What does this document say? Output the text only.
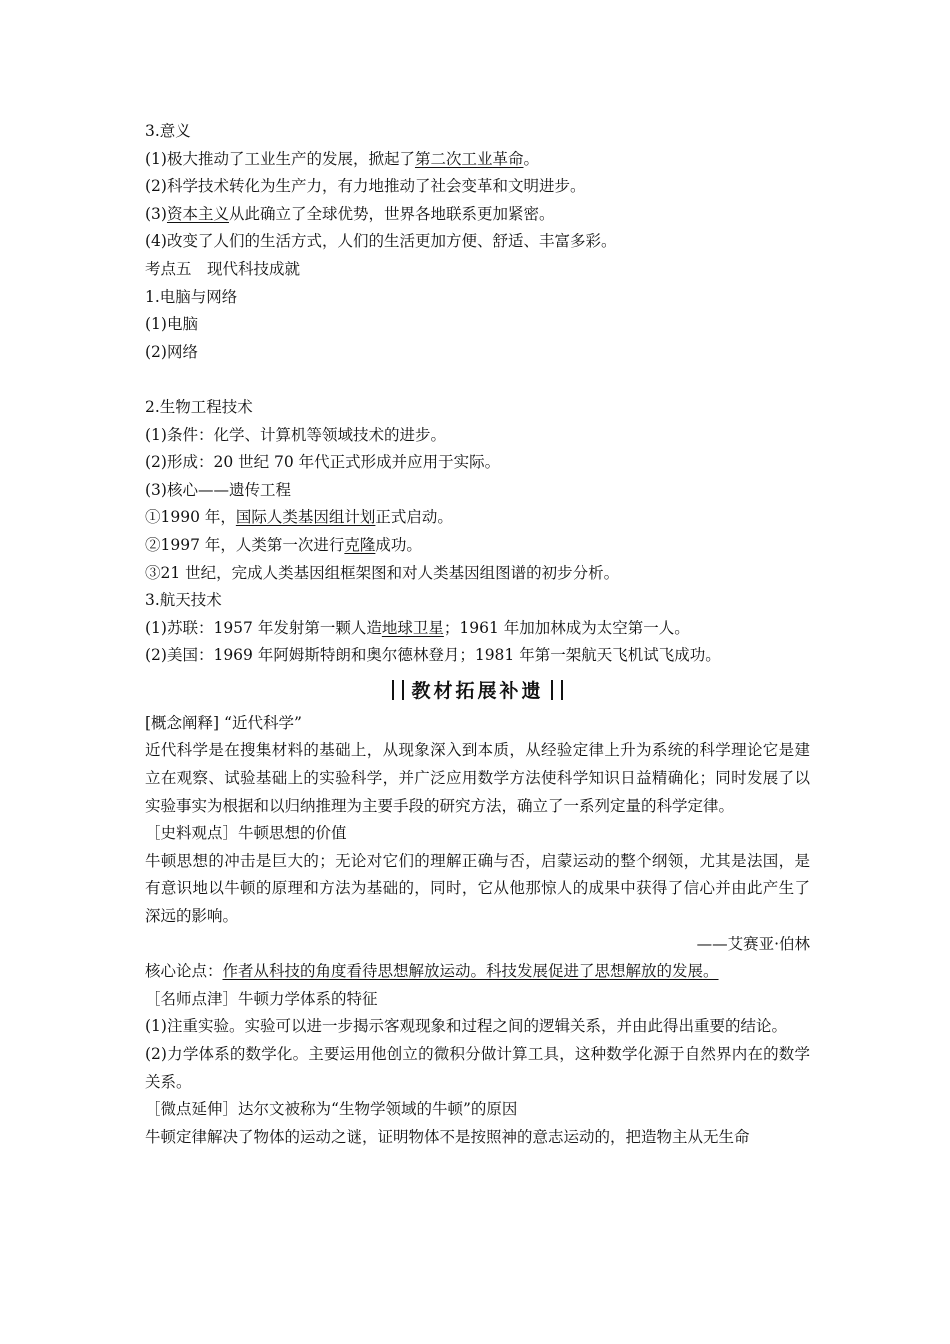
3.意义
(1)极大推动了工业生产的发展，掀起了第二次工业革命。
(2)科学技术转化为生产力，有力地推动了社会变革和文明进步。
(3)资本主义从此确立了全球优势，世界各地联系更加紧密。
(4)改变了人们的生活方式，人们的生活更加方便、舒适、丰富多彩。
考点五　现代科技成就
1.电脑与网络
(1)电脑
(2)网络
2.生物工程技术
(1)条件：化学、计算机等领域技术的进步。
(2)形成：20 世纪 70 年代正式形成并应用于实际。
(3)核心——遗传工程
①1990 年，国际人类基因组计划正式启动。
②1997 年，人类第一次进行克隆成功。
③21 世纪，完成人类基因组框架图和对人类基因组图谱的初步分析。
3.航天技术
(1)苏联：1957 年发射第一颗人造地球卫星；1961 年加加林成为太空第一人。
(2)美国：1969 年阿姆斯特朗和奥尔德林登月；1981 年第一架航天飞机试飞成功。
教材拓展补遗
[概念阐释] “近代科学”
近代科学是在搜集材料的基础上，从现象深入到本质，从经验定律上升为系统的科学理论它是建立在观察、试验基础上的实验科学，并广泛应用数学方法使科学知识日益精确化；同时发展了以实验事实为根据和以归纳推理为主要手段的研究方法，确立了一系列定量的科学定律。
［史料观点］牛顿思想的价值
牛顿思想的冲击是巨大的；无论对它们的理解正确与否，启蒙运动的整个纲领，尤其是法国，是有意识地以牛顿的原理和方法为基础的，同时，它从他那惊人的成果中获得了信心并由此产生了深远的影响。
——艾赛亚·伯林
核心论点：作者从科技的角度看待思想解放运动。科技发展促进了思想解放的发展。
［名师点津］牛顿力学体系的特征
(1)注重实验。实验可以进一步揭示客观现象和过程之间的逻辑关系，并由此得出重要的结论。
(2)力学体系的数学化。主要运用他创立的微积分做计算工具，这种数学化源于自然界内在的数学关系。
［微点延伸］达尔文被称为“生物学领域的牛顿”的原因
牛顿定律解决了物体的运动之谜，证明物体不是按照神的意志运动的，把造物主从无生命
